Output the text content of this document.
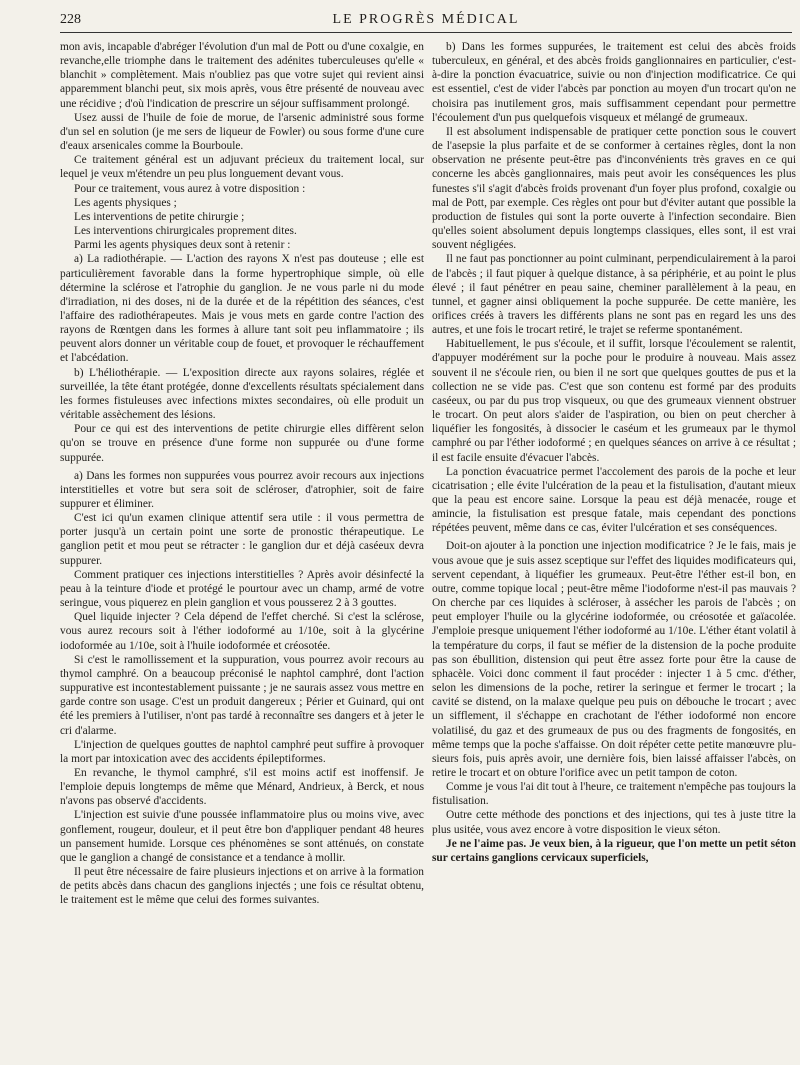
228	LE PROGRÈS MÉDICAL

mon avis, incapable d'abréger l'évolution d'un mal de Pott ou d'une coxalgie, en revanche,elle triomphe dans le traitement des adénites tuberculeuses qu'elle « blanchit » complètement. Mais n'oubliez pas que votre sujet qui revient ainsi apparemment blanchi peut, six mois après, vous être présenté de nouveau avec une récidive ; d'où l'indication de prescrire un séjour suffisamment prolongé.

Usez aussi de l'huile de foie de morue, de l'arsenic administré sous forme d'un sel en solution (je me sers de liqueur de Fowler) ou sous forme d'une cure d'eaux arsenicales comme la Bourboule.

Ce traitement général est un adjuvant précieux du traitement local, sur lequel je veux m'étendre un peu plus longuement devant vous.

Pour ce traitement, vous aurez à votre disposition :

Les agents physiques ;

Les interventions de petite chirurgie ;

Les interventions chirurgicales proprement dites.

Parmi les agents physiques deux sont à retenir :

a) La radiothérapie. — L'action des rayons X n'est pas douteuse ; elle est particulièrement favorable dans la forme hypertrophique simple, où elle détermine la sclérose et l'atrophie du ganglion. Je ne vous parle ni du mode d'irradiation, ni des doses, ni de la durée et de la répétition des séances, c'est l'affaire des radiothérapeutes. Mais je vous mets en garde contre l'action des rayons de Rœntgen dans les formes à allure tant soit peu inflammatoire ; ils peuvent alors donner un véritable coup de fouet, et provoquer le réchauffement et l'abcédation.

b) L'héliothérapie. — L'exposition directe aux rayons solaires, réglée et surveillée, la tête étant protégée, donne d'excellents résultats spécialement dans les formes fistuleuses avec infections mixtes secondaires, où elle produit un véritable assèchement des lésions.

Pour ce qui est des interventions de petite chirurgie elles diffèrent selon qu'on se trouve en présence d'une forme non suppurée ou d'une forme suppurée.

a) Dans les formes non suppurées vous pourrez avoir recours aux injections interstitielles et votre but sera soit de scléroser, d'atrophier, soit de faire suppurer et éliminer.

C'est ici qu'un examen clinique attentif sera utile : il vous permettra de porter jusqu'à un certain point une sorte de pronostic thérapeutique. Le ganglion petit et mou peut se rétracter : le ganglion dur et déjà caséeux devra suppurer.

Comment pratiquer ces injections interstitielles ? Après avoir désinfecté la peau à la teinture d'iode et protégé le pourtour avec un champ, armé de votre seringue, vous piquerez en plein ganglion et vous pousserez 2 à 3 gouttes.

Quel liquide injecter ? Cela dépend de l'effet cherché. Si c'est la sclérose, vous aurez recours soit à l'éther iodoformé au 1/10e, soit à la glycérine iodoformée au 1/10e, soit à l'huile iodoformée et créosotée.

Si c'est le ramollissement et la suppuration, vous pourrez avoir recours au thymol camphré. On a beaucoup préconisé le naphtol camphré, dont l'action suppurative est incontestablement puissante ; je ne saurais assez vous mettre en garde contre son usage. C'est un produit dangereux ; Périer et Guinard, qui ont été les premiers à l'utiliser, n'ont pas tardé à reconnaître ses dangers et à jeter le cri d'alarme.

L'injection de quelques gouttes de naphtol camphré peut suffire à provoquer la mort par intoxication avec des accidents épileptiformes.

En revanche, le thymol camphré, s'il est moins actif est inoffensif. Je l'emploie depuis longtemps de même que Ménard, Andrieux, à Berck, et nous n'avons pas observé d'accidents.

L'injection est suivie d'une poussée inflammatoire plus ou moins vive, avec gonflement, rougeur, douleur, et il peut être bon d'appliquer pendant 48 heures un pansement humide. Lorsque ces phénomènes se sont atténués, on constate que le ganglion a changé de consistance et a tendance à mollir.

Il peut être nécessaire de faire plusieurs injections et on arrive à la formation de petits abcès dans chacun des ganglions injectés ; une fois ce résultat obtenu, le traitement est le même que celui des formes suivantes.

b) Dans les formes suppurées, le traitement est celui des abcès froids tuberculeux, en général, et des abcès froids ganglionnaires en particulier, c'est-à-dire la ponction évacuatrice, suivie ou non d'injection modificatrice. Ce qui est essentiel, c'est de vider l'abcès par ponction au moyen d'un trocart qu'on ne choisira pas inutilement gros, mais suffisamment cependant pour permettre l'écoulement d'un pus quelquefois visqueux et mélangé de grumeaux.

Il est absolument indispensable de pratiquer cette ponction sous le couvert de l'asepsie la plus parfaite et de se conformer à certaines règles, dont la non observation ne présente peut-être pas d'inconvénients très graves en ce qui concerne les abcès ganglionnaires, mais peut avoir les conséquences les plus funestes s'il s'agit d'abcès froids provenant d'un foyer plus profond, coxalgie ou mal de Pott, par exemple. Ces règles ont pour but d'éviter autant que possible la production de fistules qui sont la porte ouverte à l'infection secondaire. Bien qu'elles soient absolument depuis longtemps classiques, elles sont, il est vrai souvent négligées.

Il ne faut pas ponctionner au point culminant, perpendiculairement à la paroi de l'abcès ; il faut piquer à quelque distance, à sa périphérie, et au point le plus élevé ; il faut pénétrer en peau saine, cheminer parallèlement à la peau, en tunnel, et gagner ainsi obliquement la poche suppurée. De cette manière, les orifices créés à travers les différents plans ne sont pas en regard les uns des autres, et une fois le trocart retiré, le trajet se referme spontanément.

Habituellement, le pus s'écoule, et il suffit, lorsque l'écoulement se ralentit, d'appuyer modérément sur la poche pour le produire à nouveau. Mais assez souvent il ne s'écoule rien, ou bien il ne sort que quelques gouttes de pus et la collection ne se vide pas. C'est que son contenu est formé par des produits caséeux, ou par du pus trop visqueux, ou que des grumeaux viennent obstruer le trocart. On peut alors s'aider de l'aspiration, ou bien on peut chercher à liquéfier les fongosités, à dissocier le caséum et les grumeaux par le thymol camphré ou par l'éther iodoformé ; en quelques séances on arrive à ce résultat ; il est facile ensuite d'évacuer l'abcès.

La ponction évacuatrice permet l'accolement des parois de la poche et leur cicatrisation ; elle évite l'ulcération de la peau et la fistulisation, d'autant mieux que la peau est encore saine. Lorsque la peau est déjà menacée, rouge et amincie, la fistulisation est presque fatale, mais cependant des ponctions répétées peuvent, même dans ce cas, éviter l'ulcération et ses conséquences.

Doit-on ajouter à la ponction une injection modificatrice ? Je le fais, mais je vous avoue que je suis assez sceptique sur l'effet des liquides modificateurs qui, servent cependant, à liquéfier les grumeaux. Peut-être l'éther est-il bon, en outre, comme topique local ; peut-être même l'iodoforme n'est-il pas mauvais ? On cherche par ces liquides à scléroser, à assécher les parois de l'abcès ; on peut employer l'huile ou la glycérine iodoformée, ou créosotée et gaïacolée. J'emploie presque uniquement l'éther iodoformé au 1/10e. L'éther étant volatil à la température du corps, il faut se méfier de la distension de la poche produite pas son ébullition, distension qui peut être assez forte pour être la cause de sphacèle. Voici donc comment il faut procéder : injecter 1 à 5 cmc. d'éther, selon les dimensions de la poche, retirer la seringue et fermer le trocart ; la cavité se distend, on la malaxe quelque peu puis on débouche le trocart ; avec un sifflement, il s'échappe en crachotant de l'éther iodoformé non encore volatilisé, du gaz et des grumeaux de pus ou des fragments de fongosités, en même temps que la poche s'affaisse. On doit répéter cette petite manœuvre plusieurs fois, puis après avoir, une dernière fois, bien laissé affaisser l'abcès, on retire le trocart et on obture l'orifice avec un petit tampon de coton.

Comme je vous l'ai dit tout à l'heure, ce traitement n'empêche pas toujours la fistulisation.

Outre cette méthode des ponctions et des injections, qui tes à juste titre la plus usitée, vous avez encore à votre disposition le vieux séton.

Je ne l'aime pas. Je veux bien, à la rigueur, que l'on mette un petit séton sur certains ganglions cervicaux superficiels,
